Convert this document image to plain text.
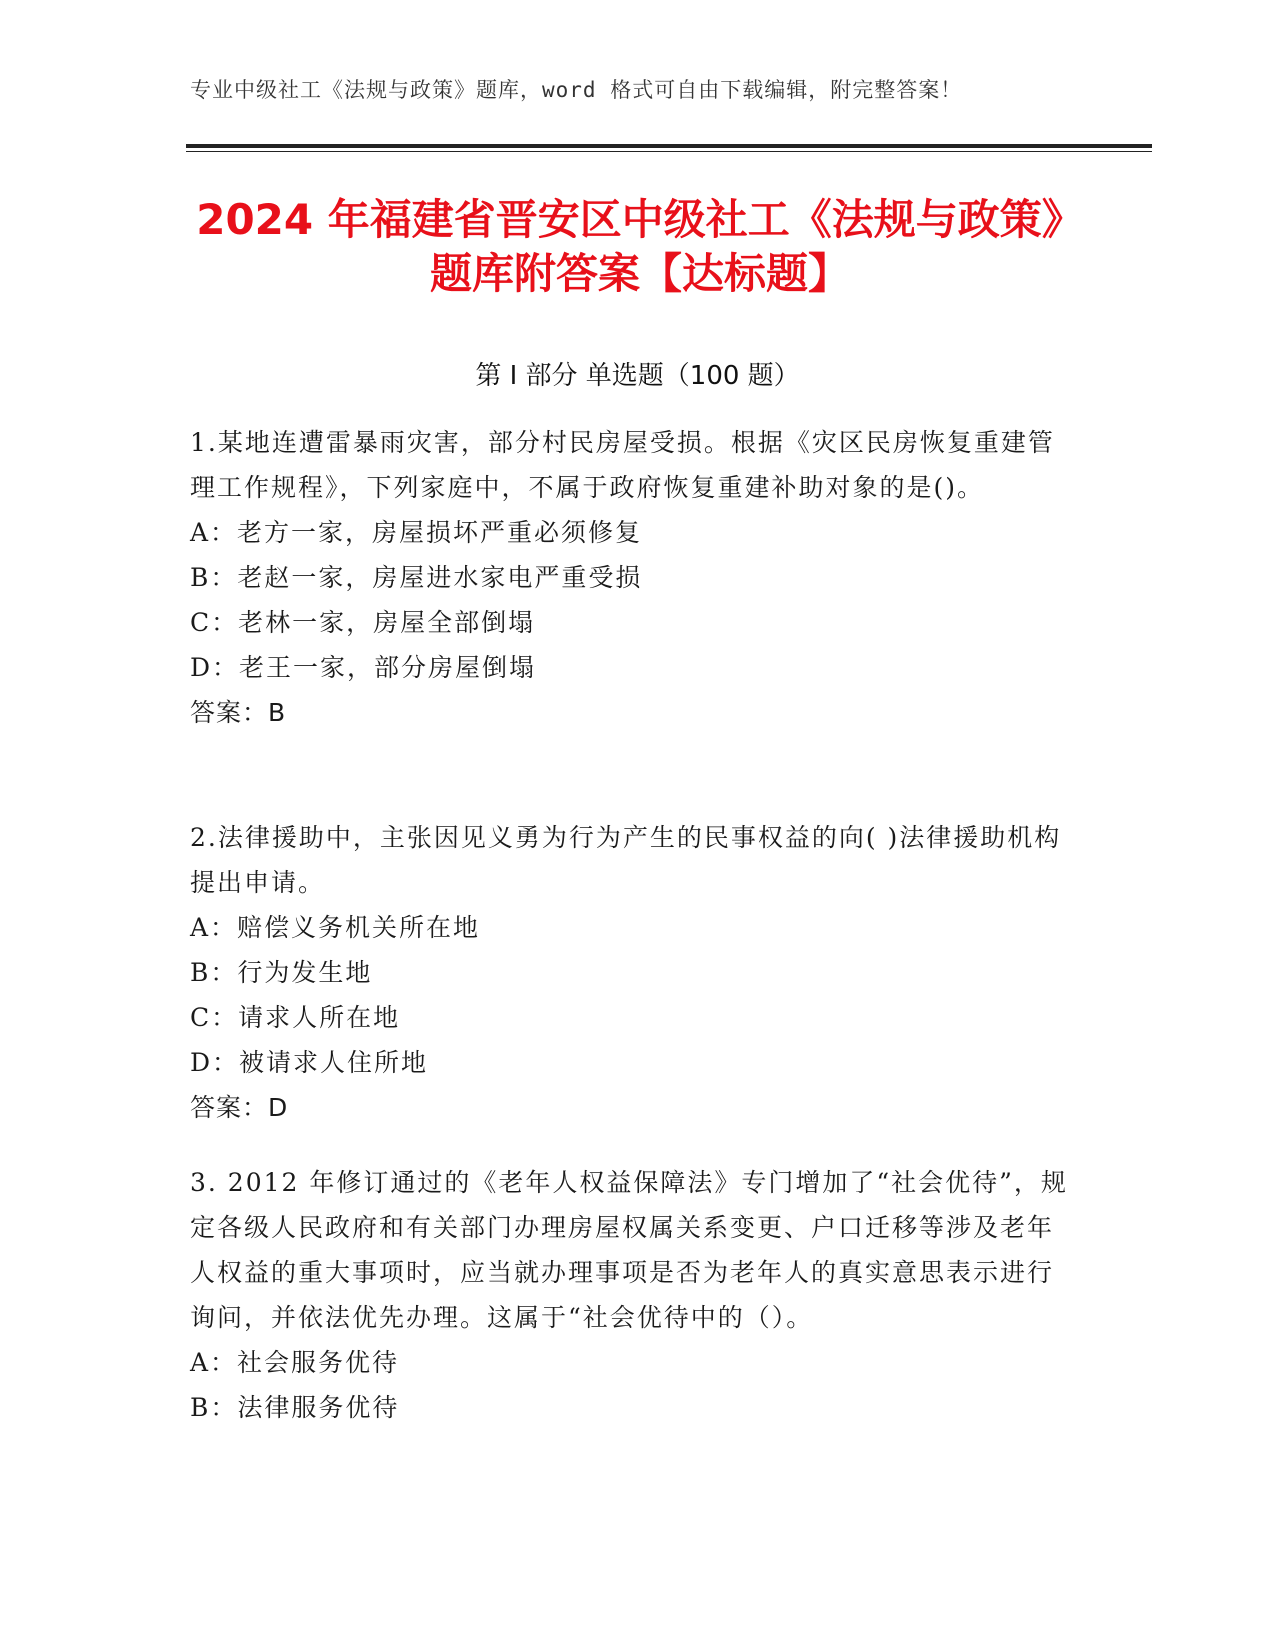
专业中级社工《法规与政策》题库，word 格式可自由下载编辑，附完整答案！
2024 年福建省晋安区中级社工《法规与政策》题库附答案【达标题】
第 I 部分 单选题（100 题）

1.某地连遭雷暴雨灾害，部分村民房屋受损。根据《灾区民房恢复重建管理工作规程》，下列家庭中，不属于政府恢复重建补助对象的是()。

A：老方一家，房屋损坏严重必须修复

B：老赵一家，房屋进水家电严重受损

C：老林一家，房屋全部倒塌

D：老王一家，部分房屋倒塌

答案：B

2.法律援助中，主张因见义勇为行为产生的民事权益的向( )法律援助机构提出申请。

A：赔偿义务机关所在地

B：行为发生地

C：请求人所在地

D：被请求人住所地

答案：D

3. 2012 年修订通过的《老年人权益保障法》专门增加了“社会优待”，规定各级人民政府和有关部门办理房屋权属关系变更、户口迁移等涉及老年人权益的重大事项时，应当就办理事项是否为老年人的真实意思表示进行询问，并依法优先办理。这属于“社会优待中的（）。

A：社会服务优待

B：法律服务优待
